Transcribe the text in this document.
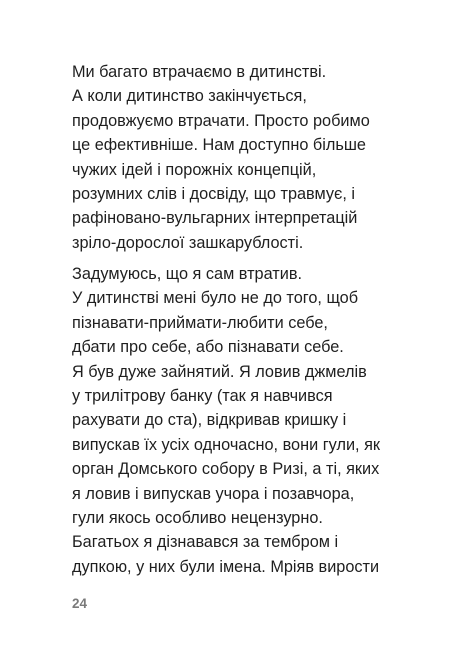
Ми багато втрачаємо в дитинстві.
А коли дитинство закінчується,
продовжуємо втрачати. Просто робимо
це ефективніше. Нам доступно більше
чужих ідей і порожніх концепцій,
розумних слів і досвіду, що травмує, і
рафіновано-вульгарних інтерпретацій
зріло-дорослої зашкарублості.
Задумуюсь, що я сам втратив.
У дитинстві мені було не до того, щоб
пізнавати-приймати-любити себе,
дбати про себе, або пізнавати себе.
Я був дуже зайнятий. Я ловив джмелів
у трилітрову банку (так я навчився
рахувати до ста), відкривав кришку і
випускав їх усіх одночасно, вони гули, як
орган Домського собору в Ризі, а ті, яких
я ловив і випускав учора і позавчора,
гули якось особливо нецензурно.
Багатьох я дізнавався за тембром і
дупкою, у них були імена. Мріяв вирости
24
